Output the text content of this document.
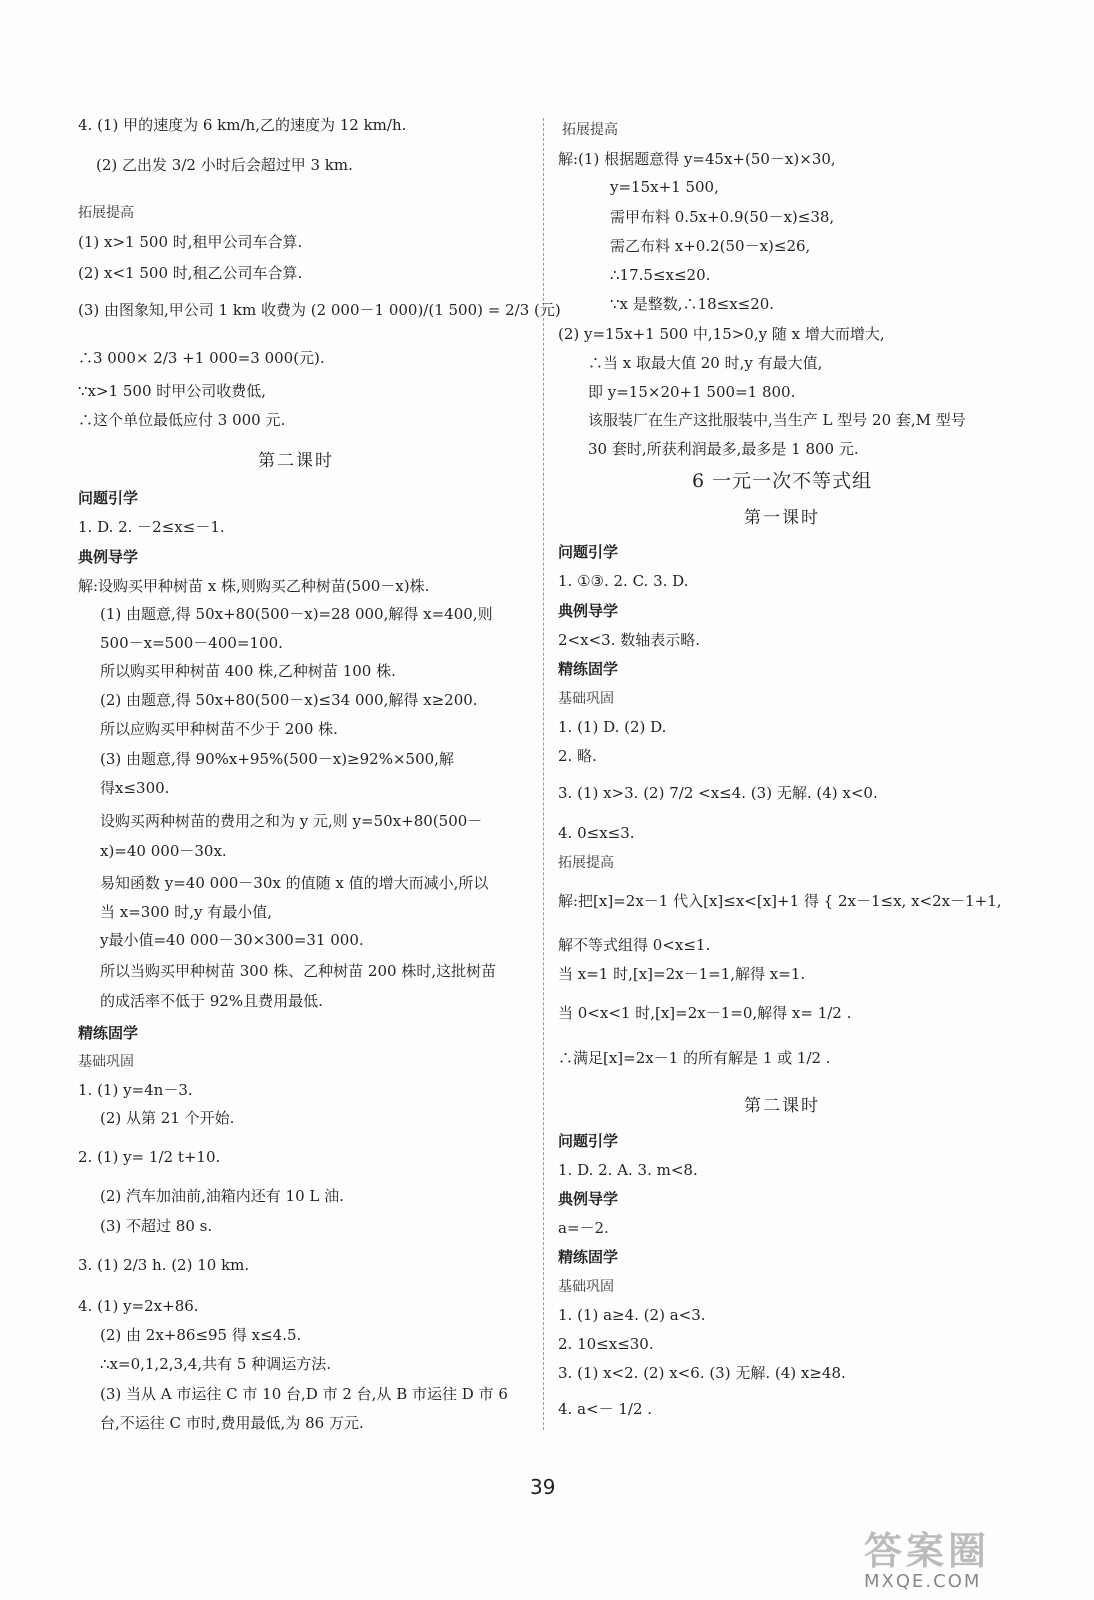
4. (1) 甲的速度为 6 km/h,乙的速度为 12 km/h.
(2) 乙出发 3/2 小时后会超过甲 3 km.
拓展提高
(1) x>1 500 时,租甲公司车合算.
(2) x<1 500 时,租乙公司车合算.
(3) 由图象知,甲公司 1 km 收费为 (2 000－1 000)/(1 500) = 2/3 (元)
∴3 000× 2/3 +1 000=3 000(元).
∵x>1 500 时甲公司收费低,
∴这个单位最低应付 3 000 元.
第二课时
问题引学
1. D. 2. －2≤x≤－1.
典例导学
解:设购买甲种树苗 x 株,则购买乙种树苗(500－x)株.
(1) 由题意,得 50x+80(500－x)=28 000,解得 x=400,则
500－x=500－400=100.
所以购买甲种树苗 400 株,乙种树苗 100 株.
(2) 由题意,得 50x+80(500－x)≤34 000,解得 x≥200.
所以应购买甲种树苗不少于 200 株.
(3) 由题意,得 90%x+95%(500－x)≥92%×500,解
得x≤300.
设购买两种树苗的费用之和为 y 元,则 y=50x+80(500－
x)=40 000－30x.
易知函数 y=40 000－30x 的值随 x 值的增大而减小,所以
当 x=300 时,y 有最小值,
y最小值=40 000－30×300=31 000.
所以当购买甲种树苗 300 株、乙种树苗 200 株时,这批树苗
的成活率不低于 92%且费用最低.
精练固学
基础巩固
1. (1) y=4n－3.
(2) 从第 21 个开始.
2. (1) y= 1/2 t+10.
(2) 汽车加油前,油箱内还有 10 L 油.
(3) 不超过 80 s.
3. (1) 2/3 h. (2) 10 km.
4. (1) y=2x+86.
(2) 由 2x+86≤95 得 x≤4.5.
∴x=0,1,2,3,4,共有 5 种调运方法.
(3) 当从 A 市运往 C 市 10 台,D 市 2 台,从 B 市运往 D 市 6
台,不运往 C 市时,费用最低,为 86 万元.
拓展提高
解:(1) 根据题意得 y=45x+(50－x)×30,
y=15x+1 500,
需甲布料 0.5x+0.9(50－x)≤38,
需乙布料 x+0.2(50－x)≤26,
∴17.5≤x≤20.
∵x 是整数,∴18≤x≤20.
(2) y=15x+1 500 中,15>0,y 随 x 增大而增大,
∴当 x 取最大值 20 时,y 有最大值,
即 y=15×20+1 500=1 800.
该服装厂在生产这批服装中,当生产 L 型号 20 套,M 型号
30 套时,所获利润最多,最多是 1 800 元.
6 一元一次不等式组
第一课时
问题引学
1. ①③. 2. C. 3. D.
典例导学
2<x<3. 数轴表示略.
精练固学
基础巩固
1. (1) D. (2) D.
2. 略.
3. (1) x>3. (2) 7/2 <x≤4. (3) 无解. (4) x<0.
4. 0≤x≤3.
拓展提高
解:把[x]=2x－1 代入[x]≤x<[x]+1 得 { 2x－1≤x, x<2x－1+1,
解不等式组得 0<x≤1.
当 x=1 时,[x]=2x－1=1,解得 x=1.
当 0<x<1 时,[x]=2x－1=0,解得 x= 1/2 .
∴满足[x]=2x－1 的所有解是 1 或 1/2 .
第二课时
问题引学
1. D. 2. A. 3. m<8.
典例导学
a=－2.
精练固学
基础巩固
1. (1) a≥4. (2) a<3.
2. 10≤x≤30.
3. (1) x<2. (2) x<6. (3) 无解. (4) x≥48.
4. a<－ 1/2 .
39
答案圈
MXQE.COM
